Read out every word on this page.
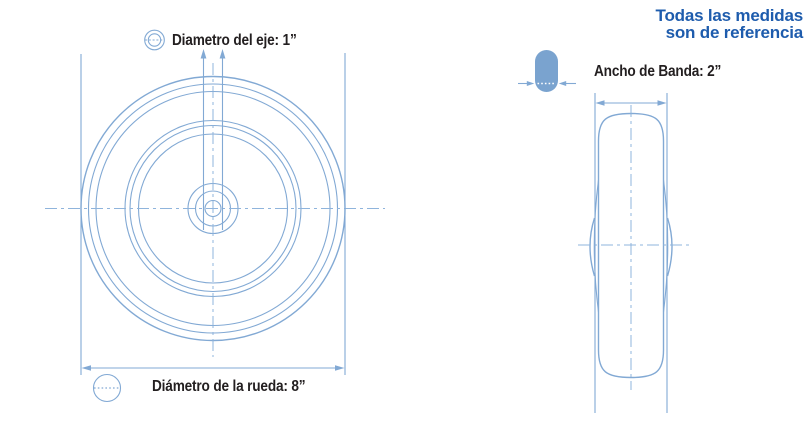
Diametro del eje: 1”
Diámetro de la rueda: 8”
Ancho de Banda: 2”
Todas las medidas
son de referencia
